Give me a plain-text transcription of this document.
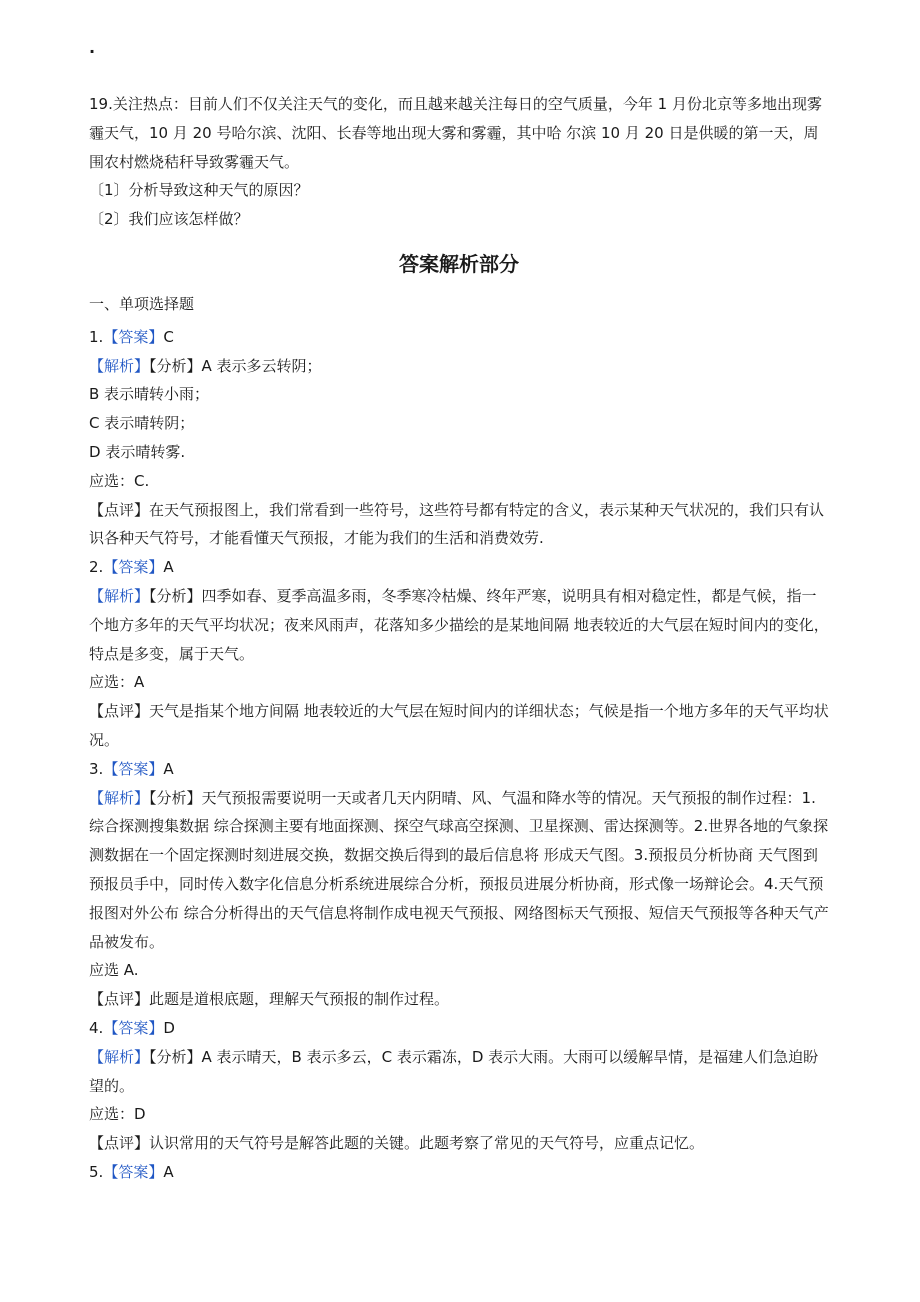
.

19.关注热点：目前人们不仅关注天气的变化，而且越来越关注每日的空气质量，今年 1 月份北京等多地出现雾霾天气，10 月 20 号哈尔滨、沈阳、长春等地出现大雾和雾霾，其中哈 尔滨 10 月 20 日是供暖的第一天，周围农村燃烧秸秆导致雾霾天气。

〔1〕分析导致这种天气的原因？

〔2〕我们应该怎样做？

答案解析部分

一、单项选择题

1.【答案】C

【解析】【分析】A 表示多云转阴；

B 表示晴转小雨；

C 表示晴转阴；

D 表示晴转雾.

应选：C.

【点评】在天气预报图上，我们常看到一些符号，这些符号都有特定的含义，表示某种天气状况的，我们只有认识各种天气符号，才能看懂天气预报，才能为我们的生活和消费效劳.

2.【答案】A

【解析】【分析】四季如春、夏季高温多雨，冬季寒冷枯燥、终年严寒，说明具有相对稳定性，都是气候，指一个地方多年的天气平均状况；夜来风雨声，花落知多少描绘的是某地间隔 地表较近的大气层在短时间内的变化，特点是多变，属于天气。

应选：A

【点评】天气是指某个地方间隔 地表较近的大气层在短时间内的详细状态；气候是指一个地方多年的天气平均状况。

3.【答案】A

【解析】【分析】天气预报需要说明一天或者几天内阴晴、风、气温和降水等的情况。天气预报的制作过程：1.综合探测搜集数据 综合探测主要有地面探测、探空气球高空探测、卫星探测、雷达探测等。2.世界各地的气象探测数据在一个固定探测时刻进展交换，数据交换后得到的最后信息将 形成天气图。3.预报员分析协商 天气图到预报员手中，同时传入数字化信息分析系统进展综合分析，预报员进展分析协商，形式像一场辩论会。4.天气预报图对外公布 综合分析得出的天气信息将制作成电视天气预报、网络图标天气预报、短信天气预报等各种天气产品被发布。

应选 A.

【点评】此题是道根底题，理解天气预报的制作过程。

4.【答案】D

【解析】【分析】A 表示晴天，B 表示多云，C 表示霜冻，D 表示大雨。大雨可以缓解旱情，是福建人们急迫盼望的。

应选：D

【点评】认识常用的天气符号是解答此题的关键。此题考察了常见的天气符号，应重点记忆。

5.【答案】A
